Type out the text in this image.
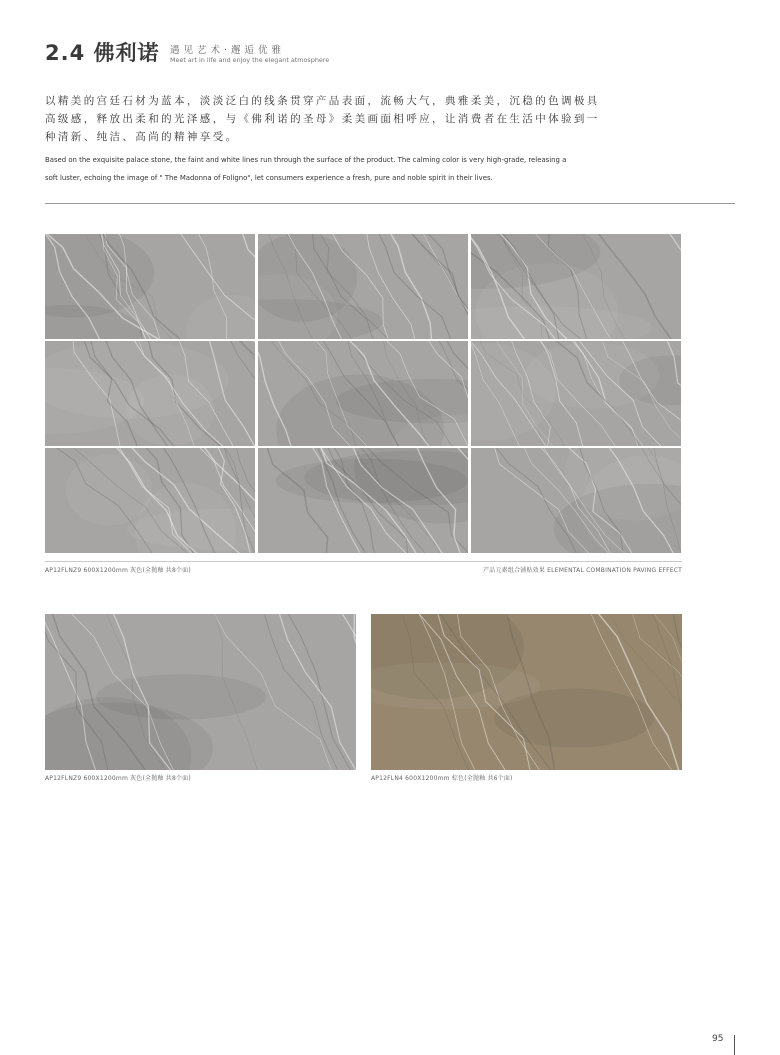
2.4 佛利诺 遇见艺术·邂逅优雅
Meet art in life and enjoy the elegant atmosphere
以精美的宫廷石材为蓝本，淡淡泛白的线条贯穿产品表面，流畅大气，典雅柔美，沉稳的色调极具
高级感，释放出柔和的光泽感，与《佛利诺的圣母》柔美画面相呼应，让消费者在生活中体验到一
种清新、纯洁、高尚的精神享受。
Based on the exquisite palace stone, the faint and white lines run through the surface of the product. The calming color is very high-grade, releasing a
soft luster, echoing the image of " The Madonna of Foligno", let consumers experience a fresh, pure and noble spirit in their lives.
AP12FLNZ9 600X1200mm 灰色(全抛釉 共8个面)	产品元素组合铺贴效果 ELEMENTAL COMBINATION PAVING EFFECT
AP12FLNZ9 600X1200mm 灰色(全抛釉 共8个面)	AP12FLN4 600X1200mm 棕色(全抛釉 共6个面)
95
